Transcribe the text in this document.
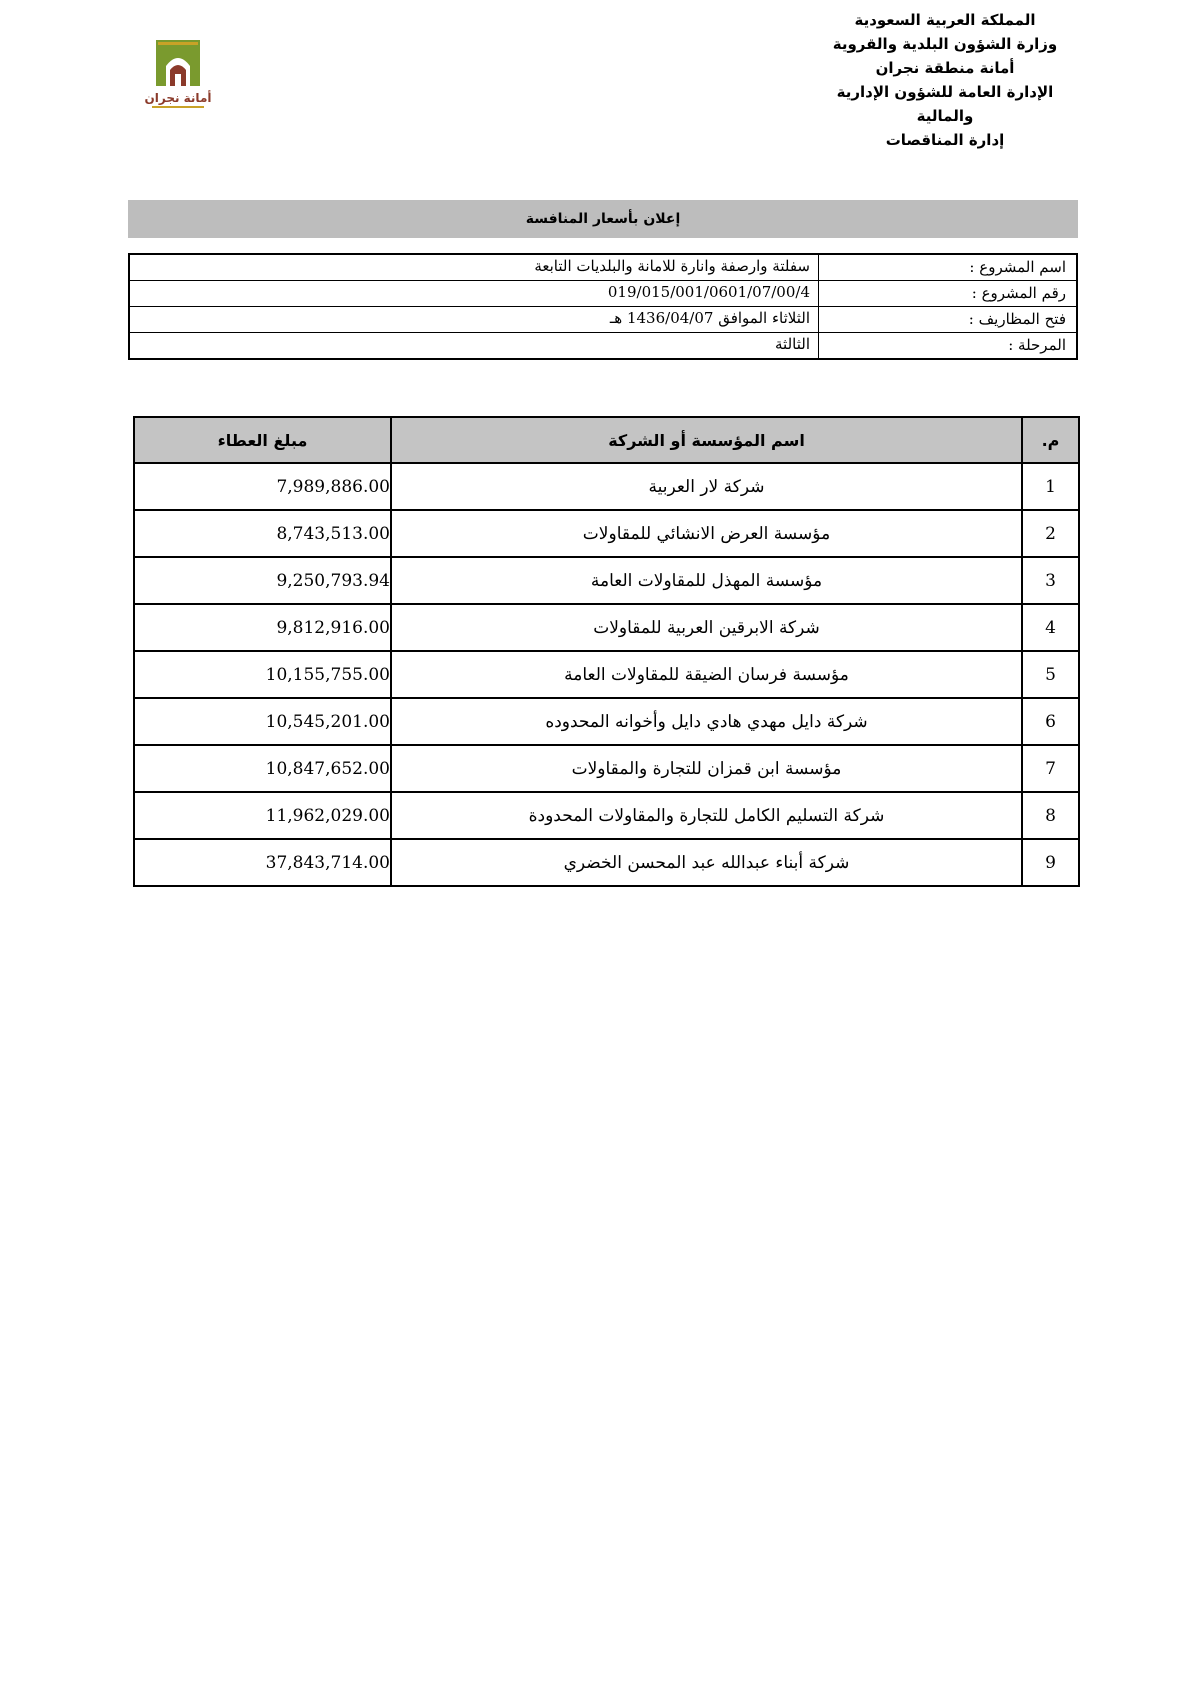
المملكة العربية السعودية
وزارة الشؤون البلدية والقروية
أمانة منطقة نجران
الإدارة العامة للشؤون الإدارية
والمالية
إدارة المناقصات
أمانة نجران
إعلان بأسعار المنافسة
اسم المشروع :
سفلتة وارصفة وانارة للامانة والبلديات التابعة
رقم المشروع :
019/015/001/0601/07/00/4
فتح المظاريف :
الثلاثاء الموافق 1436/04/07 هـ
المرحلة :
الثالثة
م.	اسم المؤسسة أو الشركة	مبلغ العطاء
1	شركة لار العربية	7,989,886.00
2	مؤسسة العرض الانشائي للمقاولات	8,743,513.00
3	مؤسسة المهذل للمقاولات العامة	9,250,793.94
4	شركة الابرقين العربية للمقاولات	9,812,916.00
5	مؤسسة فرسان الضيقة للمقاولات العامة	10,155,755.00
6	شركة دايل مهدي هادي دايل وأخوانه المحدوده	10,545,201.00
7	مؤسسة ابن قمزان للتجارة والمقاولات	10,847,652.00
8	شركة التسليم الكامل للتجارة والمقاولات المحدودة	11,962,029.00
9	شركة أبناء عبدالله عبد المحسن الخضري	37,843,714.00
